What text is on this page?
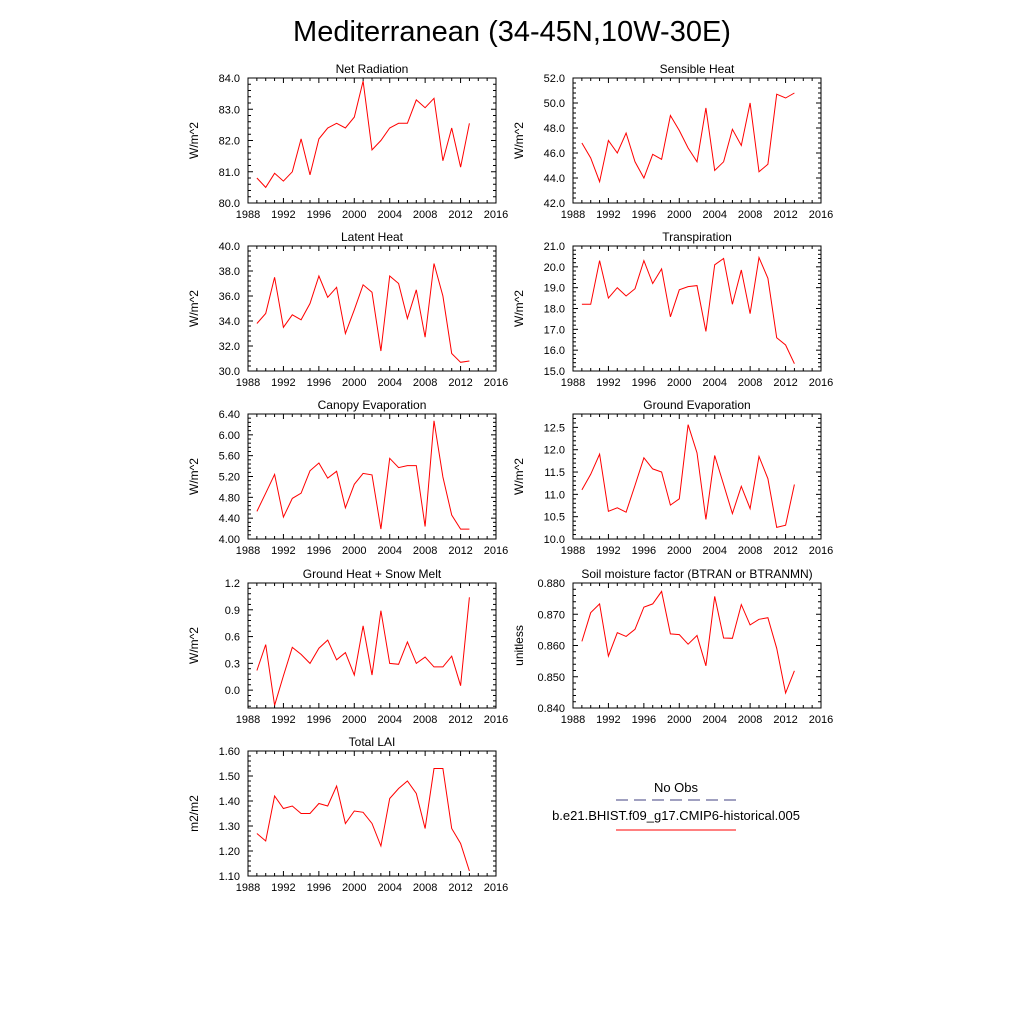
Mediterranean (34-45N,10W-30E)
Net Radiation
1988 1992 1996 2000 2004 2008 2012 2016
80.0
81.0
82.0
83.0
84.0
W/m^2
Sensible Heat
1988 1992 1996 2000 2004 2008 2012 2016
42.0
44.0
46.0
48.0
50.0
52.0
W/m^2
Latent Heat
1988 1992 1996 2000 2004 2008 2012 2016
30.0
32.0
34.0
36.0
38.0
40.0
W/m^2
Transpiration
1988 1992 1996 2000 2004 2008 2012 2016
15.0
16.0
17.0
18.0
19.0
20.0
21.0
W/m^2
Canopy Evaporation
1988 1992 1996 2000 2004 2008 2012 2016
4.00
4.40
4.80
5.20
5.60
6.00
6.40
W/m^2
Ground Evaporation
1988 1992 1996 2000 2004 2008 2012 2016
10.0
10.5
11.0
11.5
12.0
12.5
W/m^2
Ground Heat + Snow Melt
1988 1992 1996 2000 2004 2008 2012 2016
0.0
0.3
0.6
0.9
1.2
W/m^2
Soil moisture factor (BTRAN or BTRANMN)
1988 1992 1996 2000 2004 2008 2012 2016
0.840
0.850
0.860
0.870
0.880
unitless
Total LAI
1988 1992 1996 2000 2004 2008 2012 2016
1.10
1.20
1.30
1.40
1.50
1.60
m2/m2
No Obs
b.e21.BHIST.f09_g17.CMIP6-historical.005
